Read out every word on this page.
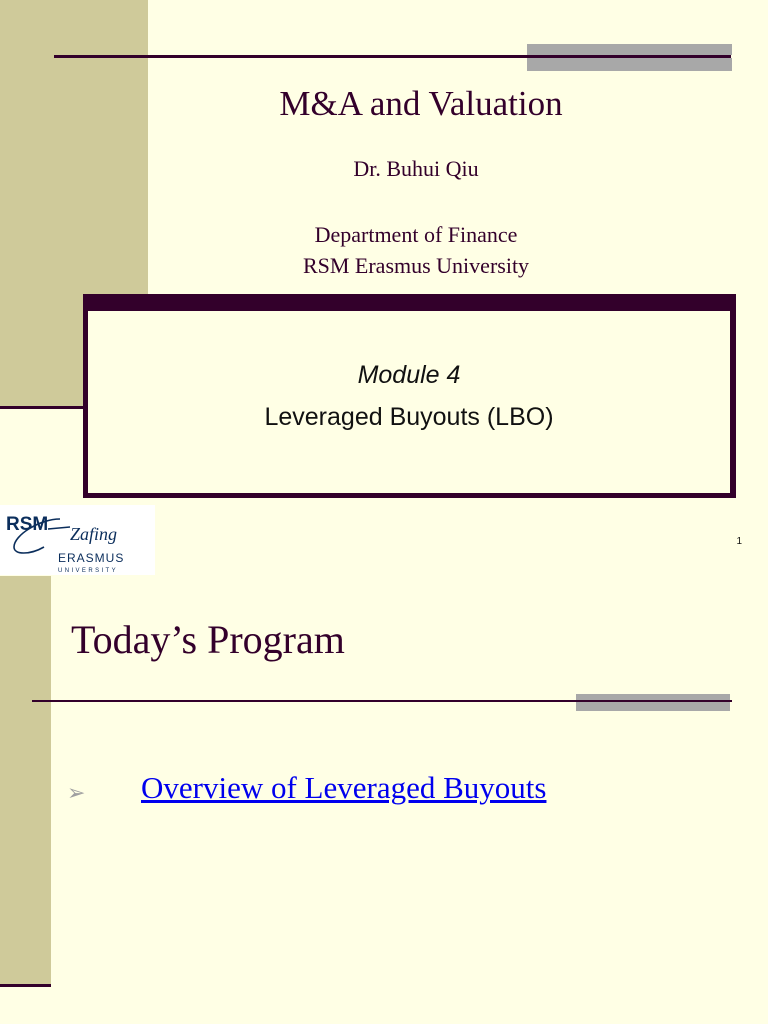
M&A and Valuation
Dr. Buhui Qiu
Department of Finance
RSM Erasmus University
Module 4
Leveraged Buyouts (LBO)
RSM Zafing
ERASMUS
UNIVERSITY
1
Today’s Program
➢ Overview of Leveraged Buyouts
